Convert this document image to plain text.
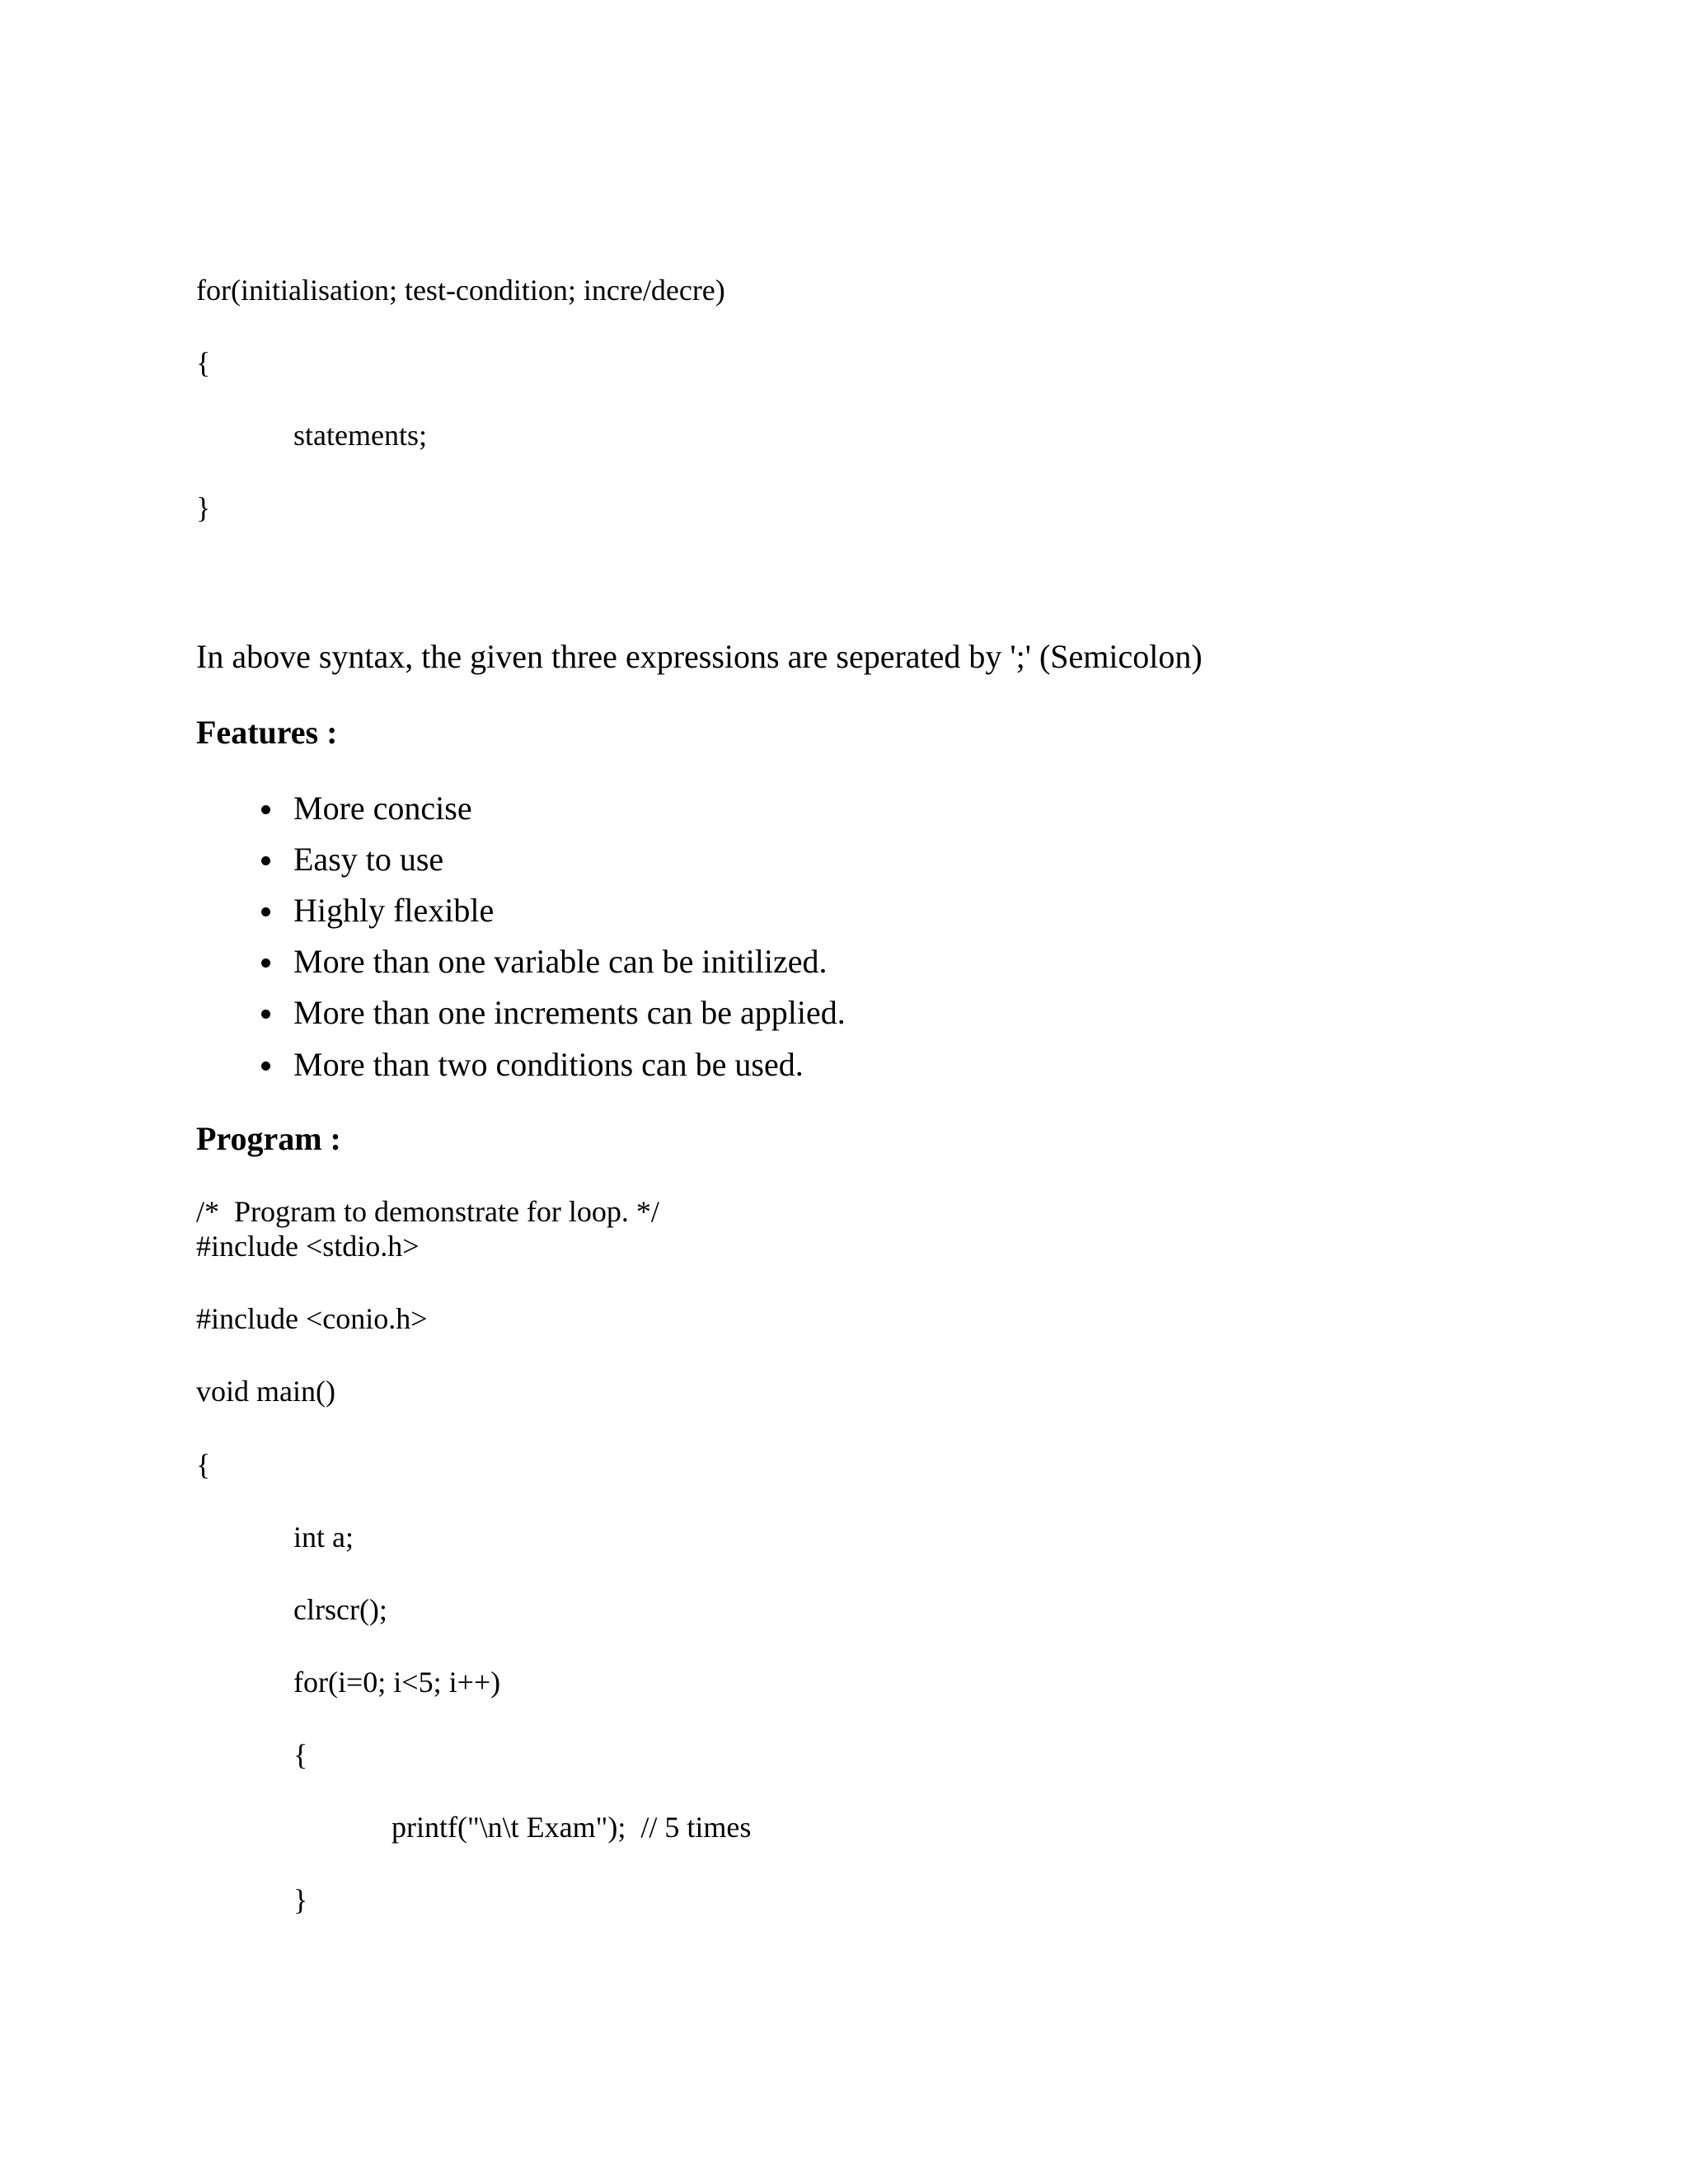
for(initialisation; test-condition; incre/decre)
{
statements;
}
In above syntax, the given three expressions are seperated by ';' (Semicolon)
Features :
More concise
Easy to use
Highly flexible
More than one variable can be initilized.
More than one increments can be applied.
More than two conditions can be used.
Program :
/*  Program to demonstrate for loop. */
#include <stdio.h>
#include <conio.h>
void main()
{
int a;
clrscr();
for(i=0; i<5; i++)
{
printf("\n\t Exam");  // 5 times
}
